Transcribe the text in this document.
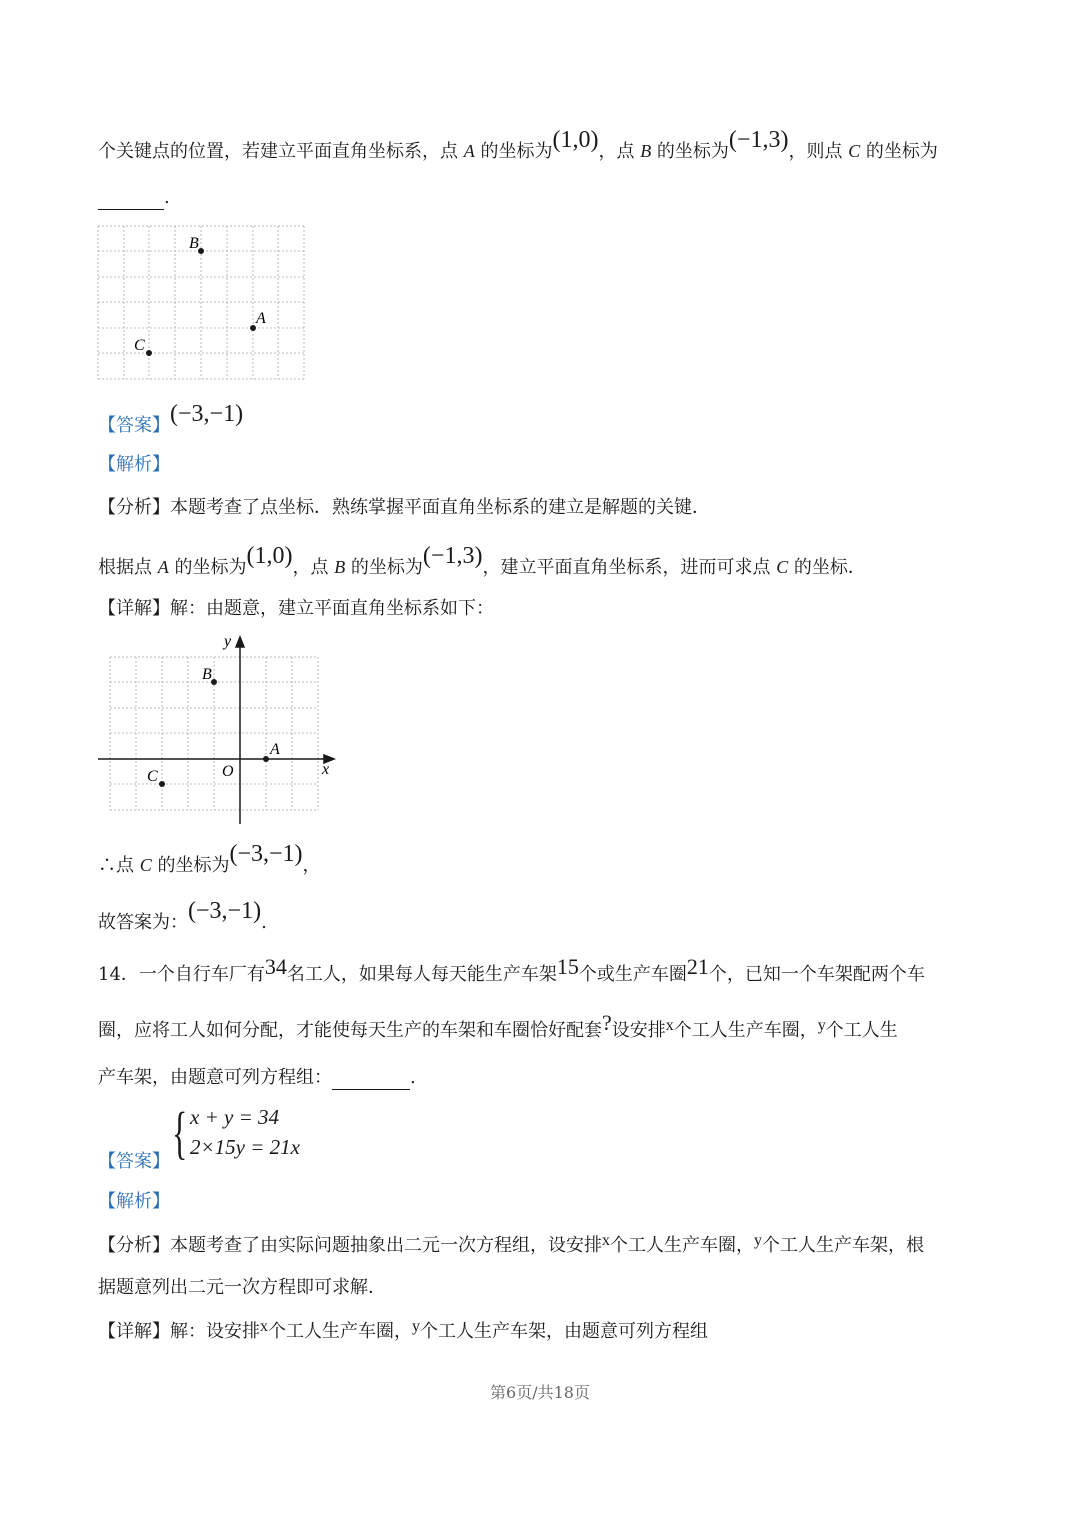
个关键点的位置，若建立平面直角坐标系，点 A 的坐标为(1,0)，点 B 的坐标为(−1,3)，则点 C 的坐标为
.
B
A
C
【答案】(−3,−1)
【解析】
【分析】本题考查了点坐标．熟练掌握平面直角坐标系的建立是解题的关键．
根据点 A 的坐标为(1,0)，点 B 的坐标为(−1,3)，建立平面直角坐标系，进而可求点 C 的坐标．
【详解】解：由题意，建立平面直角坐标系如下：
B
A
C	O	x
y
∴点 C 的坐标为(−3,−1)，
故答案为：(−3,−1).
14．一个自行车厂有34名工人，如果每人每天能生产车架15个或生产车圈21个，已知一个车架配两个车
圈，应将工人如何分配，才能使每天生产的车架和车圈恰好配套?设安排x个工人生产车圈，y个工人生
产车架，由题意可列方程组：	.
【答案】 { x + y = 34
2×15y = 21x
【解析】
【分析】本题考查了由实际问题抽象出二元一次方程组，设安排x个工人生产车圈，y个工人生产车架，根
据题意列出二元一次方程即可求解．
【详解】解：设安排x个工人生产车圈，y个工人生产车架，由题意可列方程组
第6页/共18页
